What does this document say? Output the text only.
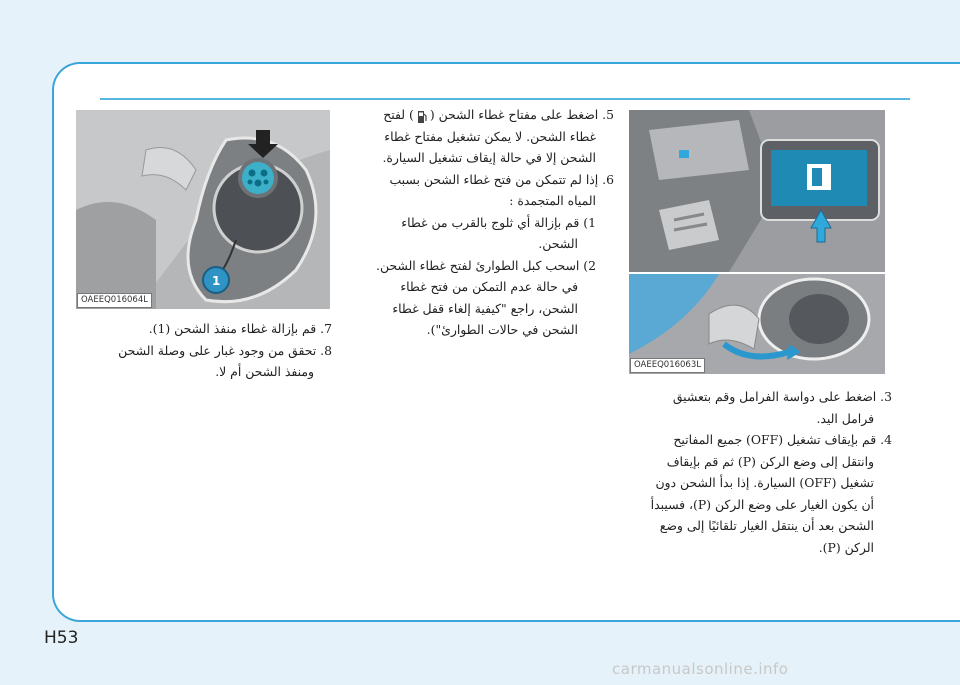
1
OAEEQ016064L
OAEEQ016063L

7. قم بإزالة غطاء منفذ الشحن (1).

8. تحقق من وجود غبار على وصلة الشحن

ومنفذ الشحن أم لا.

5. اضغط على مفتاح غطاء الشحن () لفتح

غطاء الشحن. لا يمكن تشغيل مفتاح غطاء

الشحن إلا في حالة إيقاف تشغيل السيارة.

6. إذا لم تتمكن من فتح غطاء الشحن بسبب

المياه المتجمدة :

1) قم بإزالة أي ثلوج بالقرب من غطاء

الشحن.

2) اسحب كبل الطوارئ لفتح غطاء الشحن.

في حالة عدم التمكن من فتح غطاء

الشحن، راجع "كيفية إلغاء قفل غطاء

الشحن في حالات الطوارئ").

3. اضغط على دواسة الفرامل وقم بتعشيق

فرامل اليد.

4. قم بإيقاف تشغيل (OFF) جميع المفاتيح

وانتقل إلى وضع الركن (P) ثم قم بإيقاف

تشغيل (OFF) السيارة. إذا بدأ الشحن دون

أن يكون الغيار على وضع الركن (P)، فسيبدأ

الشحن بعد أن ينتقل الغيار تلقائيًا إلى وضع

الركن (P).

H53
carmanualsonline.info
